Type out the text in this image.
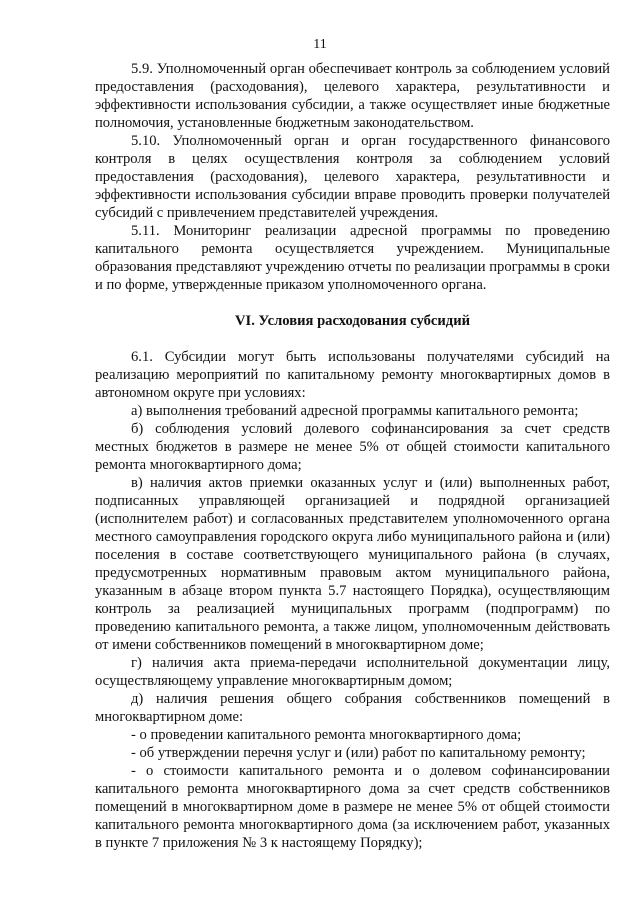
11

5.9. Уполномоченный орган обеспечивает контроль за соблюдением условий предоставления (расходования), целевого характера, результативности и эффективности использования субсидии, а также осуществляет иные бюджетные полномочия, установленные бюджетным законодательством.

5.10. Уполномоченный орган и орган государственного финансового контроля в целях осуществления контроля за соблюдением условий предоставления (расходования), целевого характера, результативности и эффективности использования субсидии вправе проводить проверки получателей субсидий с привлечением представителей учреждения.

5.11. Мониторинг реализации адресной программы по проведению капитального ремонта осуществляется учреждением. Муниципальные образования представляют учреждению отчеты по реализации программы в сроки и по форме, утвержденные приказом уполномоченного органа.

VI. Условия расходования субсидий

6.1. Субсидии могут быть использованы получателями субсидий на реализацию мероприятий по капитальному ремонту многоквартирных домов в автономном округе при условиях:

а) выполнения требований адресной программы капитального ремонта;

б) соблюдения условий долевого софинансирования за счет средств местных бюджетов в размере не менее 5% от общей стоимости капитального ремонта многоквартирного дома;

в) наличия актов приемки оказанных услуг и (или) выполненных работ, подписанных управляющей организацией и подрядной организацией (исполнителем работ) и согласованных представителем уполномоченного органа местного самоуправления городского округа либо муниципального района и (или) поселения в составе соответствующего муниципального района (в случаях, предусмотренных нормативным правовым актом муниципального района, указанным в абзаце втором пункта 5.7 настоящего Порядка), осуществляющим контроль за реализацией муниципальных программ (подпрограмм) по проведению капитального ремонта, а также лицом, уполномоченным действовать от имени собственников помещений в многоквартирном доме;

г) наличия акта приема-передачи исполнительной документации лицу, осуществляющему управление многоквартирным домом;

д) наличия решения общего собрания собственников помещений в многоквартирном доме:

- о проведении капитального ремонта многоквартирного дома;

- об утверждении перечня услуг и (или) работ по капитальному ремонту;

- о стоимости капитального ремонта и о долевом софинансировании капитального ремонта многоквартирного дома за счет средств собственников помещений в многоквартирном доме в размере не менее 5% от общей стоимости капитального ремонта многоквартирного дома (за исключением работ, указанных в пункте 7 приложения № 3 к настоящему Порядку);
